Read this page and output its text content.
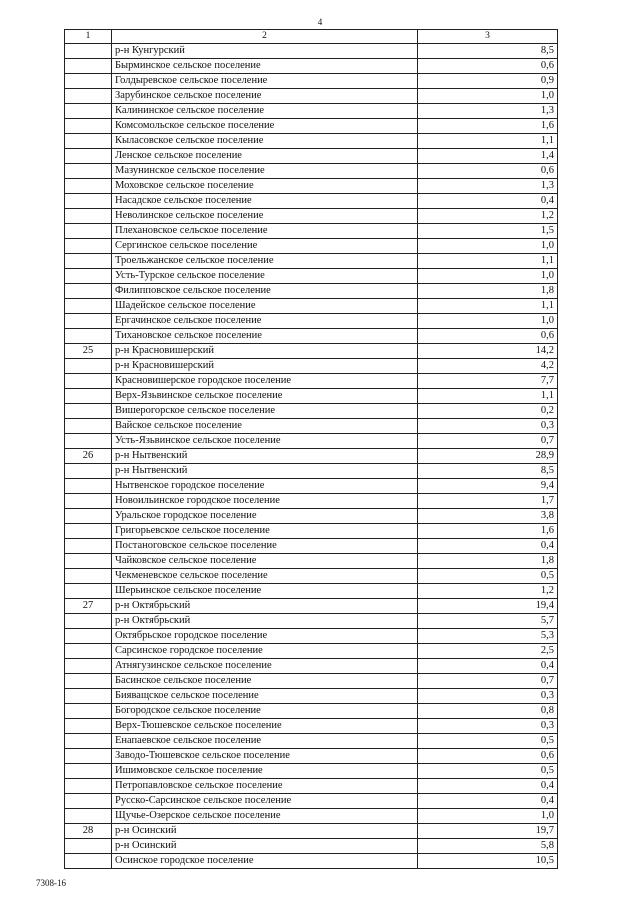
4
1	2	3
	р-н Кунгурский	8,5
	Бырминское сельское поселение	0,6
	Голдыревское сельское поселение	0,9
	Зарубинское сельское поселение	1,0
	Калининское сельское поселение	1,3
	Комсомольское сельское поселение	1,6
	Кыласовское сельское поселение	1,1
	Ленское сельское поселение	1,4
	Мазунинское сельское поселение	0,6
	Моховское сельское поселение	1,3
	Насадское сельское поселение	0,4
	Неволинское сельское поселение	1,2
	Плехановское сельское поселение	1,5
	Сергинское сельское поселение	1,0
	Троельжанское сельское поселение	1,1
	Усть-Турское сельское поселение	1,0
	Филипповское сельское поселение	1,8
	Шадейское сельское поселение	1,1
	Ергачинское сельское поселение	1,0
	Тихановское сельское поселение	0,6
25	р-н Красновишерский	14,2
	р-н Красновишерский	4,2
	Красновишерское городское поселение	7,7
	Верх-Язьвинское сельское поселение	1,1
	Вишерогорское сельское поселение	0,2
	Вайское сельское поселение	0,3
	Усть-Язьвинское сельское поселение	0,7
26	р-н Нытвенский	28,9
	р-н Нытвенский	8,5
	Нытвенское городское поселение	9,4
	Новоильинское городское поселение	1,7
	Уральское городское поселение	3,8
	Григорьевское сельское поселение	1,6
	Постаноговское сельское поселение	0,4
	Чайковское сельское поселение	1,8
	Чекменевское сельское поселение	0,5
	Шерьинское сельское поселение	1,2
27	р-н Октябрьский	19,4
	р-н Октябрьский	5,7
	Октябрьское городское поселение	5,3
	Сарсинское городское поселение	2,5
	Атнягузинское сельское поселение	0,4
	Басинское сельское поселение	0,7
	Бияващское сельское поселение	0,3
	Богородское сельское поселение	0,8
	Верх-Тюшевское сельское поселение	0,3
	Енапаевское сельское поселение	0,5
	Заводо-Тюшевское сельское поселение	0,6
	Ишимовское сельское поселение	0,5
	Петропавловское сельское поселение	0,4
	Русско-Сарсинское сельское поселение	0,4
	Щучье-Озерское сельское поселение	1,0
28	р-н Осинский	19,7
	р-н Осинский	5,8
	Осинское городское поселение	10,5
7308-16
